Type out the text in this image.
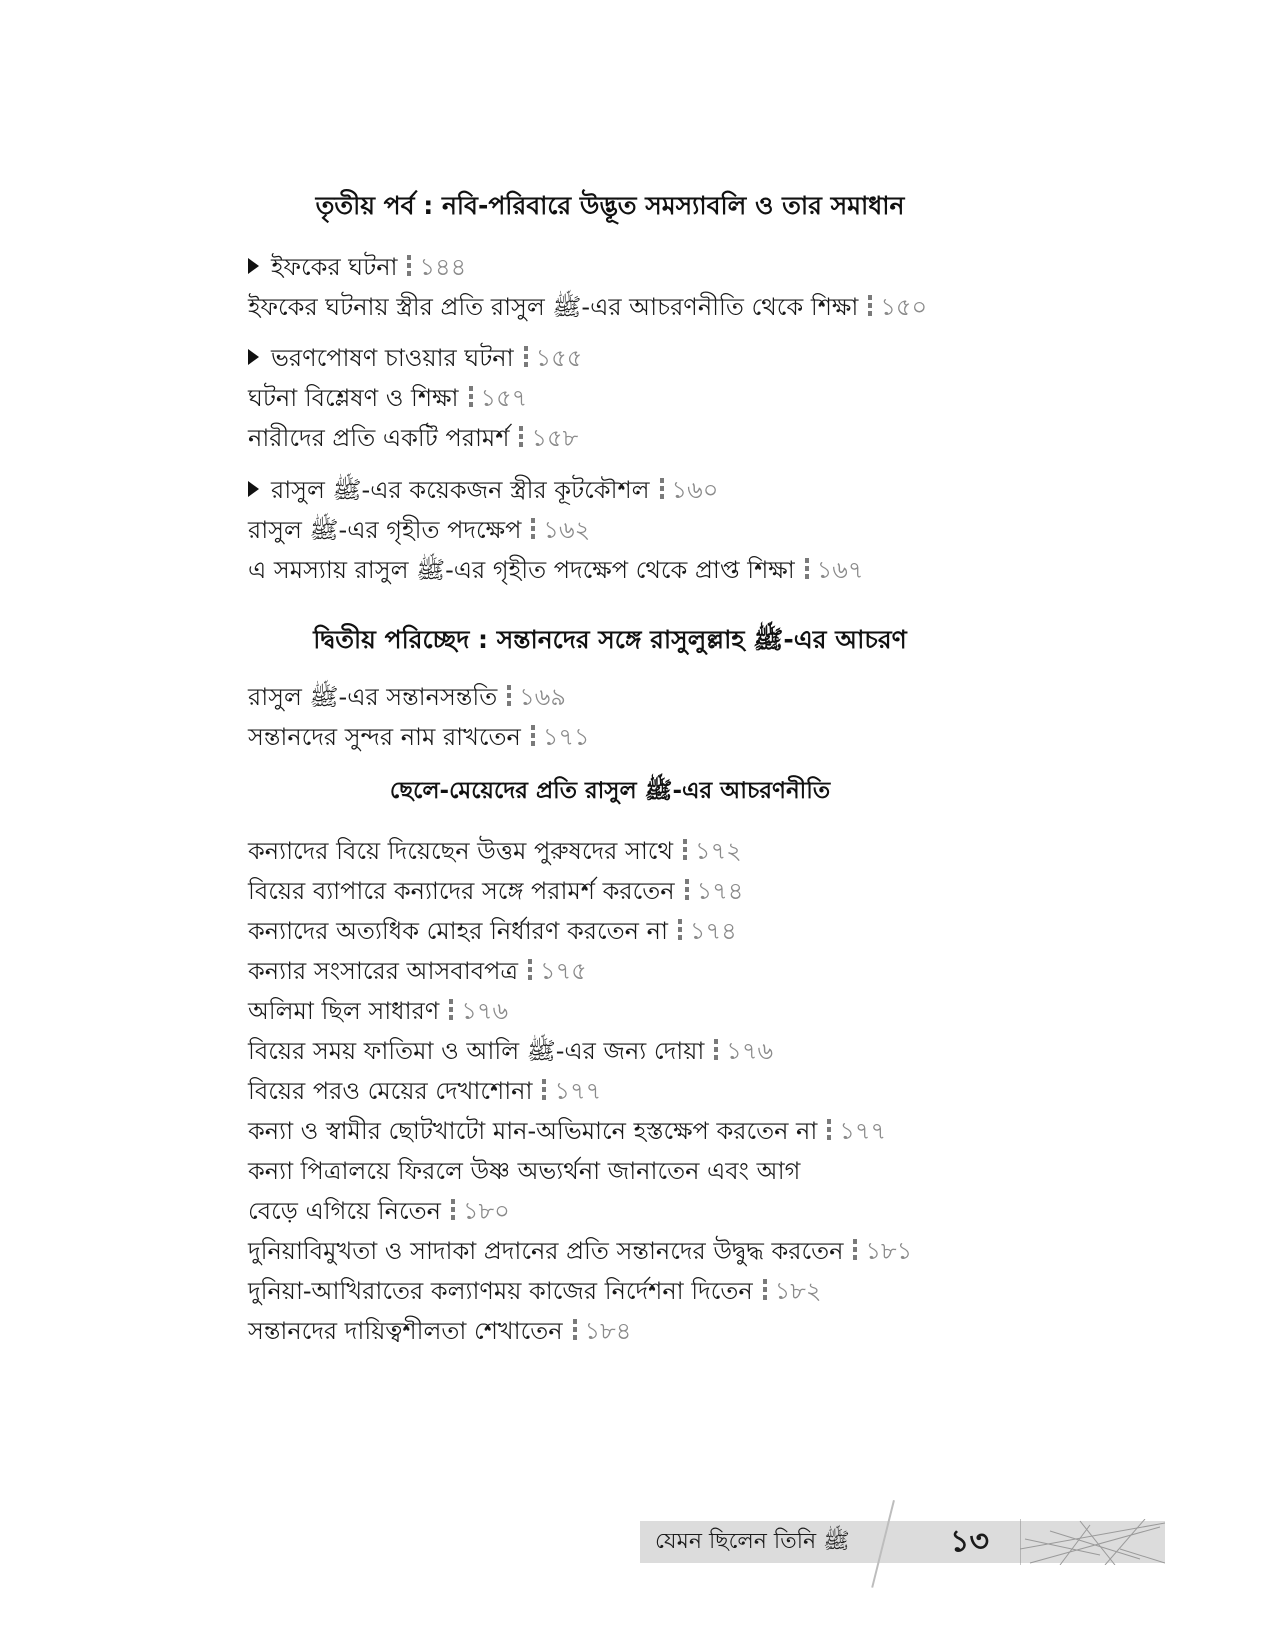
তৃতীয় পর্ব : নবি-পরিবারে উদ্ভূত সমস্যাবলি ও তার সমাধান
ইফকের ঘটনা ১৪৪
ইফকের ঘটনায় স্ত্রীর প্রতি রাসুল ﷺ-এর আচরণনীতি থেকে শিক্ষা ১৫০
ভরণপোষণ চাওয়ার ঘটনা ১৫৫
ঘটনা বিশ্লেষণ ও শিক্ষা ১৫৭
নারীদের প্রতি একটি পরামর্শ ১৫৮
রাসুল ﷺ-এর কয়েকজন স্ত্রীর কূটকৌশল ১৬০
রাসুল ﷺ-এর গৃহীত পদক্ষেপ ১৬২
এ সমস্যায় রাসুল ﷺ-এর গৃহীত পদক্ষেপ থেকে প্রাপ্ত শিক্ষা ১৬৭
দ্বিতীয় পরিচ্ছেদ : সন্তানদের সঙ্গে রাসুলুল্লাহ ﷺ-এর আচরণ
রাসুল ﷺ-এর সন্তানসন্ততি ১৬৯
সন্তানদের সুন্দর নাম রাখতেন ১৭১
ছেলে-মেয়েদের প্রতি রাসুল ﷺ-এর আচরণনীতি
কন্যাদের বিয়ে দিয়েছেন উত্তম পুরুষদের সাথে ১৭২
বিয়ের ব্যাপারে কন্যাদের সঙ্গে পরামর্শ করতেন ১৭৪
কন্যাদের অত্যধিক মোহর নির্ধারণ করতেন না ১৭৪
কন্যার সংসারের আসবাবপত্র ১৭৫
অলিমা ছিল সাধারণ ১৭৬
বিয়ের সময় ফাতিমা ও আলি ﷺ-এর জন্য দোয়া ১৭৬
বিয়ের পরও মেয়ের দেখাশোনা ১৭৭
কন্যা ও স্বামীর ছোটখাটো মান-অভিমানে হস্তক্ষেপ করতেন না ১৭৭
কন্যা পিত্রালয়ে ফিরলে উষ্ণ অভ্যর্থনা জানাতেন এবং আগ
বেড়ে এগিয়ে নিতেন ১৮০
দুনিয়াবিমুখতা ও সাদাকা প্রদানের প্রতি সন্তানদের উদ্বুদ্ধ করতেন ১৮১
দুনিয়া-আখিরাতের কল্যাণময় কাজের নির্দেশনা দিতেন ১৮২
সন্তানদের দায়িত্বশীলতা শেখাতেন ১৮৪
যেমন ছিলেন তিনি ﷺ	১৩
